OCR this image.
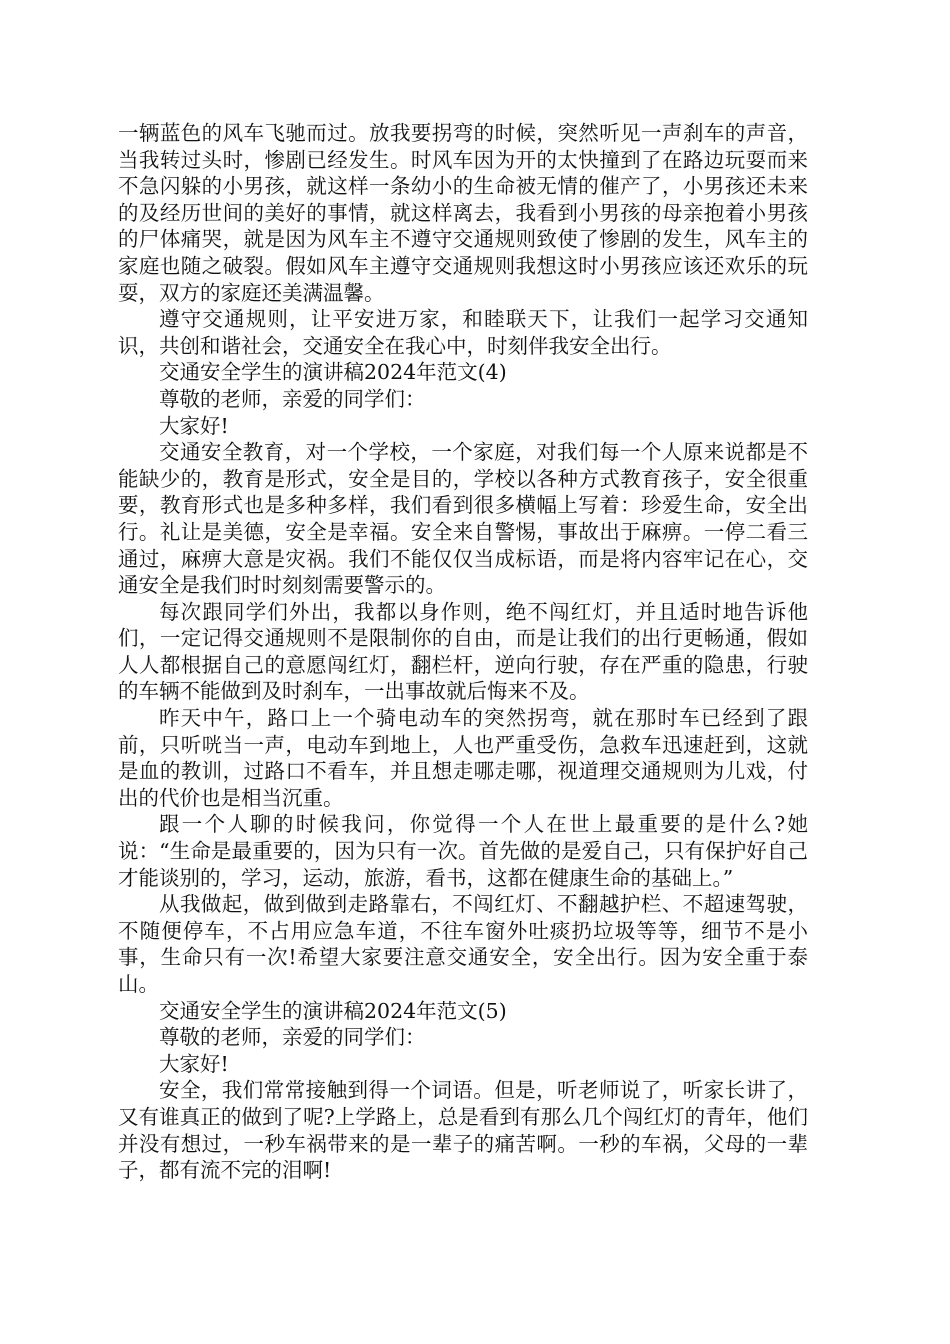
一辆蓝色的风车飞驰而过。放我要拐弯的时候，突然听见一声刹车的声音，当我转过头时，惨剧已经发生。时风车因为开的太快撞到了在路边玩耍而来不急闪躲的小男孩，就这样一条幼小的生命被无情的催产了，小男孩还未来的及经历世间的美好的事情，就这样离去，我看到小男孩的母亲抱着小男孩的尸体痛哭，就是因为风车主不遵守交通规则致使了惨剧的发生，风车主的家庭也随之破裂。假如风车主遵守交通规则我想这时小男孩应该还欢乐的玩耍，双方的家庭还美满温馨。

遵守交通规则，让平安进万家，和睦联天下，让我们一起学习交通知识，共创和谐社会，交通安全在我心中，时刻伴我安全出行。

交通安全学生的演讲稿2024年范文(4)

尊敬的老师，亲爱的同学们：

大家好!

交通安全教育，对一个学校，一个家庭，对我们每一个人原来说都是不能缺少的，教育是形式，安全是目的，学校以各种方式教育孩子，安全很重要，教育形式也是多种多样，我们看到很多横幅上写着：珍爱生命，安全出行。礼让是美德，安全是幸福。安全来自警惕，事故出于麻痹。一停二看三通过，麻痹大意是灾祸。我们不能仅仅当成标语，而是将内容牢记在心，交通安全是我们时时刻刻需要警示的。

每次跟同学们外出，我都以身作则，绝不闯红灯，并且适时地告诉他们，一定记得交通规则不是限制你的自由，而是让我们的出行更畅通，假如人人都根据自己的意愿闯红灯，翻栏杆，逆向行驶，存在严重的隐患，行驶的车辆不能做到及时刹车，一出事故就后悔来不及。

昨天中午，路口上一个骑电动车的突然拐弯，就在那时车已经到了跟前，只听咣当一声，电动车到地上，人也严重受伤，急救车迅速赶到，这就是血的教训，过路口不看车，并且想走哪走哪，视道理交通规则为儿戏，付出的代价也是相当沉重。

跟一个人聊的时候我问，你觉得一个人在世上最重要的是什么?她说：“生命是最重要的，因为只有一次。首先做的是爱自己，只有保护好自己才能谈别的，学习，运动，旅游，看书，这都在健康生命的基础上。”

从我做起，做到做到走路靠右，不闯红灯、不翻越护栏、不超速驾驶，不随便停车，不占用应急车道，不往车窗外吐痰扔垃圾等等，细节不是小事，生命只有一次!希望大家要注意交通安全，安全出行。因为安全重于泰山。

交通安全学生的演讲稿2024年范文(5)

尊敬的老师，亲爱的同学们：

大家好!

安全，我们常常接触到得一个词语。但是，听老师说了，听家长讲了，又有谁真正的做到了呢?上学路上，总是看到有那么几个闯红灯的青年，他们并没有想过，一秒车祸带来的是一辈子的痛苦啊。一秒的车祸，父母的一辈子，都有流不完的泪啊!
